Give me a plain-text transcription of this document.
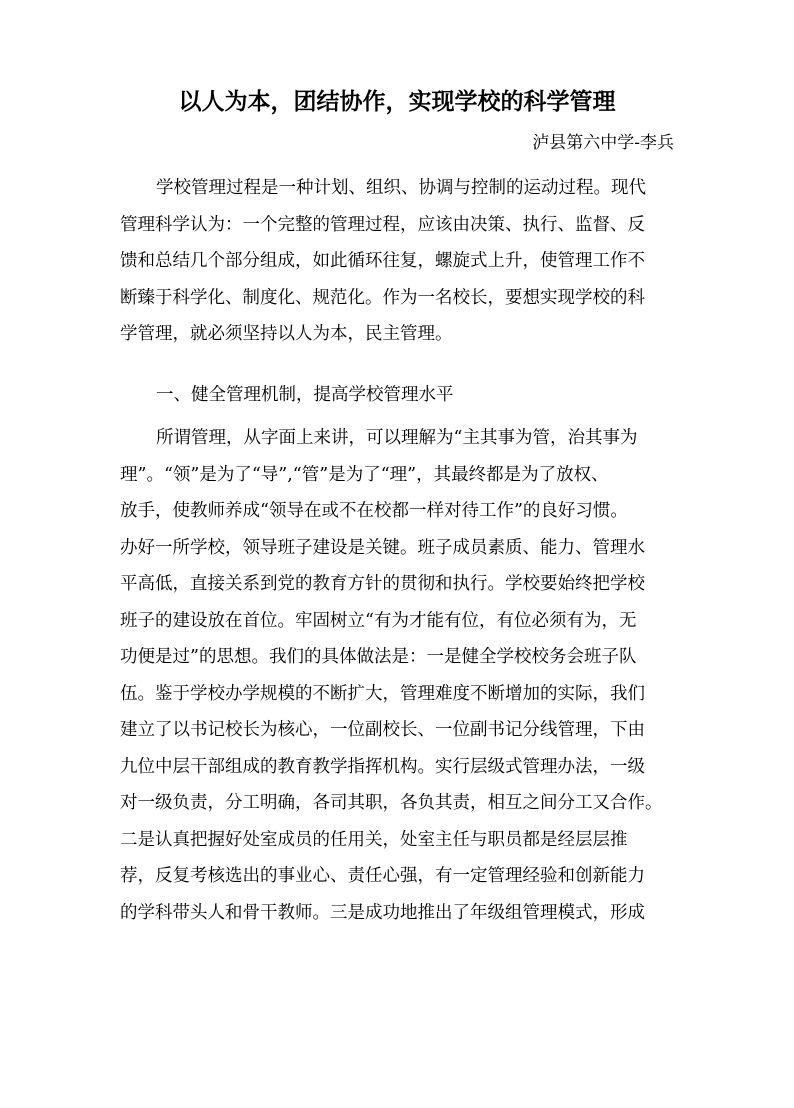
以人为本，团结协作，实现学校的科学管理
泸县第六中学-李兵
学校管理过程是一种计划、组织、协调与控制的运动过程。现代
管理科学认为：一个完整的管理过程，应该由决策、执行、监督、反
馈和总结几个部分组成，如此循环往复，螺旋式上升，使管理工作不
断臻于科学化、制度化、规范化。作为一名校长，要想实现学校的科
学管理，就必须坚持以人为本，民主管理。
一、健全管理机制，提高学校管理水平
所谓管理，从字面上来讲，可以理解为“主其事为管，治其事为
理”。“领”是为了“导”,“管”是为了“理”，其最终都是为了放权、
放手，使教师养成“领导在或不在校都一样对待工作”的良好习惯。
办好一所学校，领导班子建设是关键。班子成员素质、能力、管理水
平高低，直接关系到党的教育方针的贯彻和执行。学校要始终把学校
班子的建设放在首位。牢固树立“有为才能有位，有位必须有为，无
功便是过”的思想。我们的具体做法是：一是健全学校校务会班子队
伍。鉴于学校办学规模的不断扩大，管理难度不断增加的实际，我们
建立了以书记校长为核心，一位副校长、一位副书记分线管理，下由
九位中层干部组成的教育教学指挥机构。实行层级式管理办法，一级
对一级负责，分工明确，各司其职，各负其责，相互之间分工又合作。
二是认真把握好处室成员的任用关，处室主任与职员都是经层层推
荐，反复考核选出的事业心、责任心强，有一定管理经验和创新能力
的学科带头人和骨干教师。三是成功地推出了年级组管理模式，形成
